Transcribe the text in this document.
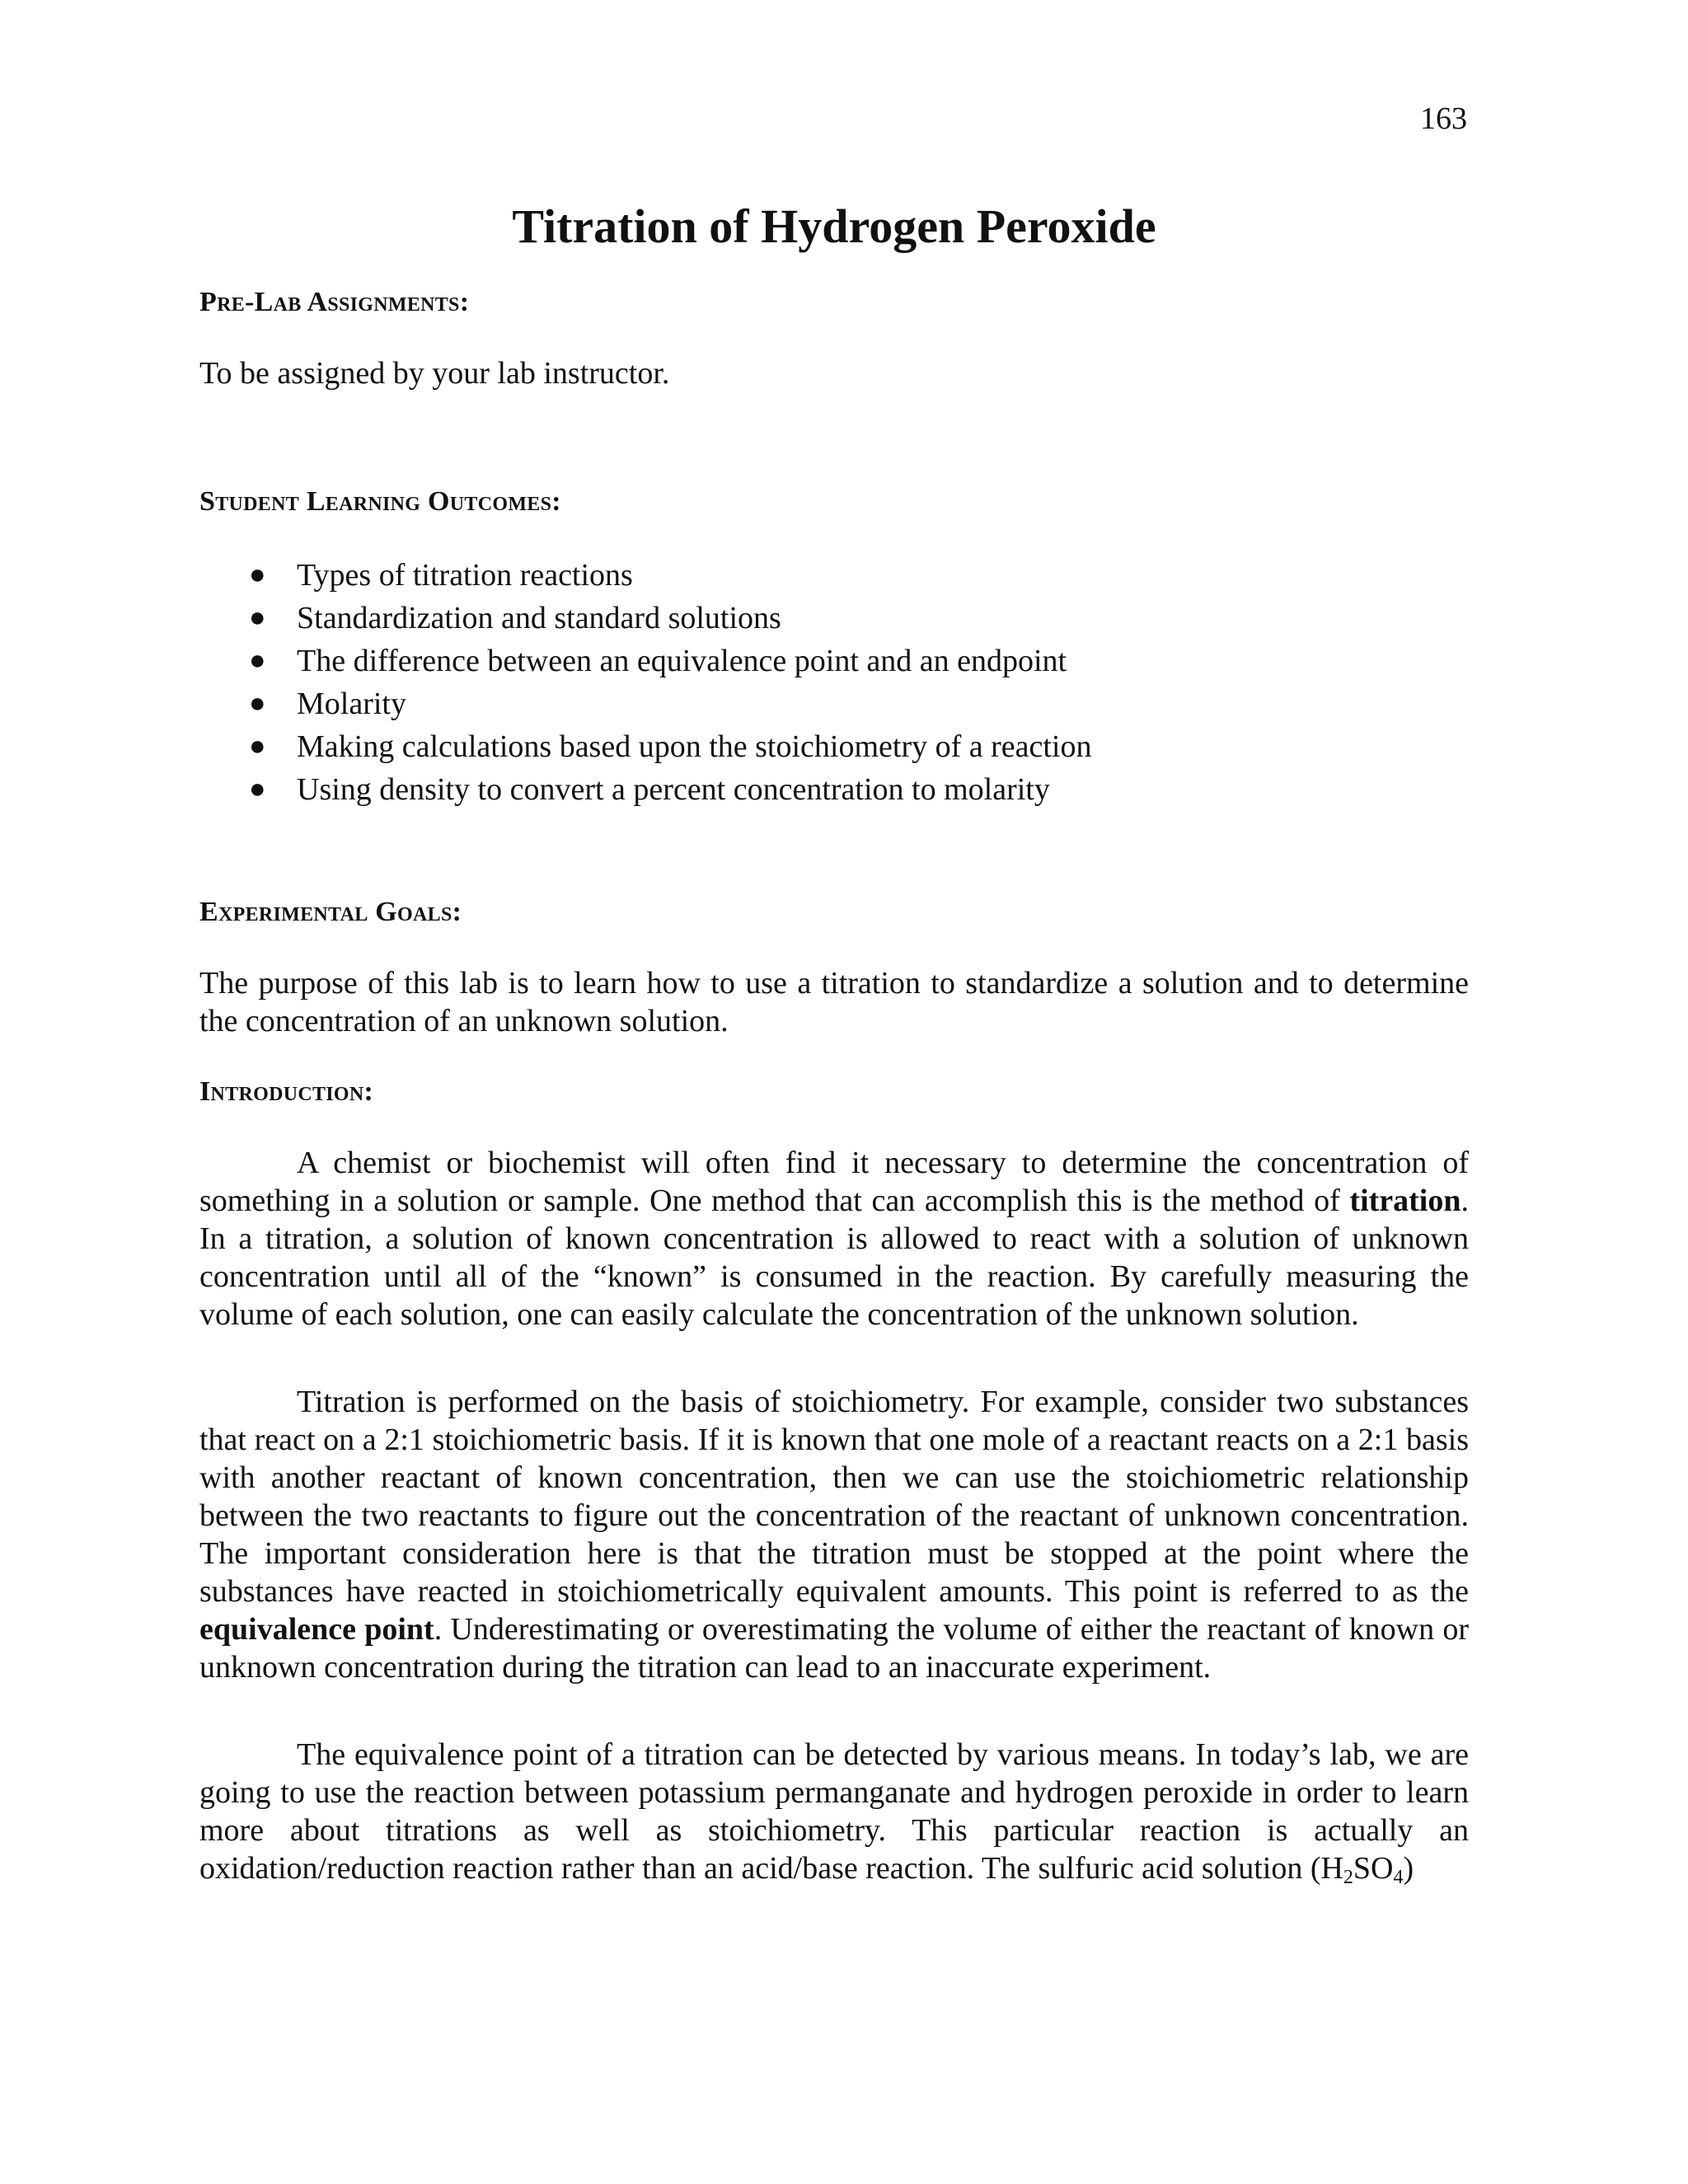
163
Titration of Hydrogen Peroxide
Pre-Lab Assignments:

To be assigned by your lab instructor.

Student Learning Outcomes:
● Types of titration reactions
● Standardization and standard solutions
● The difference between an equivalence point and an endpoint
● Molarity
● Making calculations based upon the stoichiometry of a reaction
● Using density to convert a percent concentration to molarity
Experimental Goals:

The purpose of this lab is to learn how to use a titration to standardize a solution and to determine the concentration of an unknown solution.

Introduction:

A chemist or biochemist will often find it necessary to determine the concentration of something in a solution or sample. One method that can accomplish this is the method of titration. In a titration, a solution of known concentration is allowed to react with a solution of unknown concentration until all of the “known” is consumed in the reaction. By carefully measuring the volume of each solution, one can easily calculate the concentration of the unknown solution.

Titration is performed on the basis of stoichiometry. For example, consider two substances that react on a 2:1 stoichiometric basis. If it is known that one mole of a reactant reacts on a 2:1 basis with another reactant of known concentration, then we can use the stoichiometric relationship between the two reactants to figure out the concentration of the reactant of unknown concentration. The important consideration here is that the titration must be stopped at the point where the substances have reacted in stoichiometrically equivalent amounts. This point is referred to as the equivalence point. Underestimating or overestimating the volume of either the reactant of known or unknown concentration during the titration can lead to an inaccurate experiment.

The equivalence point of a titration can be detected by various means. In today’s lab, we are going to use the reaction between potassium permanganate and hydrogen peroxide in order to learn more about titrations as well as stoichiometry. This particular reaction is actually an oxidation/reduction reaction rather than an acid/base reaction. The sulfuric acid solution $(H_2SO_4)$
